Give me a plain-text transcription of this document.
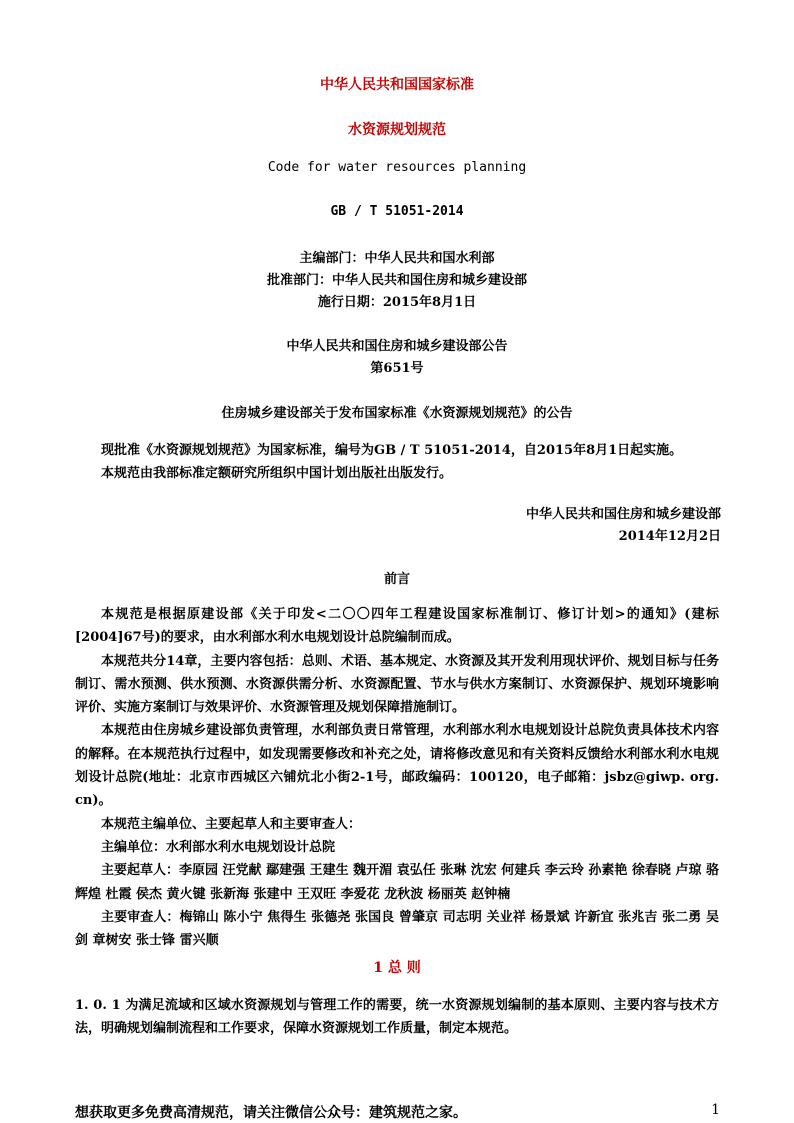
中华人民共和国国家标准
水资源规划规范
Code for water resources planning
GB / T 51051-2014
主编部门：中华人民共和国水利部
批准部门：中华人民共和国住房和城乡建设部
施行日期：2015年8月1日
中华人民共和国住房和城乡建设部公告
第651号
住房城乡建设部关于发布国家标准《水资源规划规范》的公告

现批准《水资源规划规范》为国家标准，编号为GB / T 51051-2014，自2015年8月1日起实施。

本规范由我部标准定额研究所组织中国计划出版社出版发行。

中华人民共和国住房和城乡建设部
2014年12月2日
前言

本规范是根据原建设部《关于印发<二〇〇四年工程建设国家标准制订、修订计划>的通知》(建标[2004]67号)的要求，由水利部水利水电规划设计总院编制而成。

本规范共分14章，主要内容包括：总则、术语、基本规定、水资源及其开发利用现状评价、规划目标与任务制订、需水预测、供水预测、水资源供需分析、水资源配置、节水与供水方案制订、水资源保护、规划环境影响评价、实施方案制订与效果评价、水资源管理及规划保障措施制订。

本规范由住房城乡建设部负责管理，水利部负责日常管理，水利部水利水电规划设计总院负责具体技术内容的解释。在本规范执行过程中，如发现需要修改和补充之处，请将修改意见和有关资料反馈给水利部水利水电规划设计总院(地址：北京市西城区六铺炕北小街2-1号，邮政编码：100120，电子邮箱：jsbz@giwp. org. cn)。

本规范主编单位、主要起草人和主要审查人：

主编单位：水利部水利水电规划设计总院

主要起草人：李原园 汪党献 鄢建强 王建生 魏开湄 袁弘任 张琳 沈宏 何建兵 李云玲 孙素艳 徐春晓 卢琼 骆辉煌 杜霞 侯杰 黄火键 张新海 张建中 王双旺 李爱花 龙秋波 杨丽英 赵钟楠

主要审查人：梅锦山 陈小宁 焦得生 张德尧 张国良 曾肇京 司志明 关业祥 杨景斌 许新宜 张兆吉 张二勇 吴剑 章树安 张士锋 雷兴顺

1 总 则

1. 0. 1 为满足流域和区域水资源规划与管理工作的需要，统一水资源规划编制的基本原则、主要内容与技术方法，明确规划编制流程和工作要求，保障水资源规划工作质量，制定本规范。

想获取更多免费高清规范，请关注微信公众号：建筑规范之家。	1
